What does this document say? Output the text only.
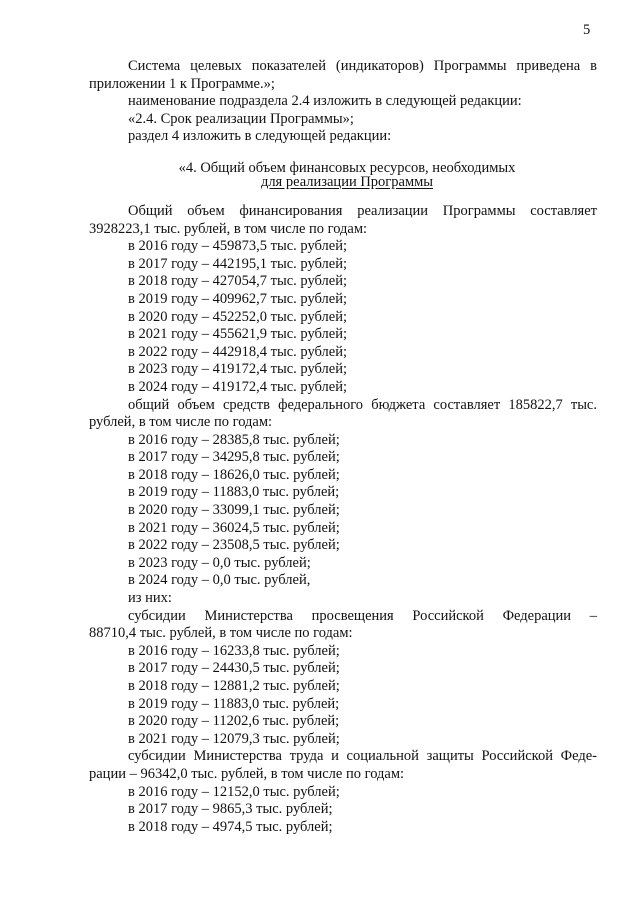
5

Система целевых показателей (индикаторов) Программы приведена в

приложении 1 к Программе.»;

наименование подраздела 2.4 изложить в следующей редакции:

«2.4. Срок реализации Программы»;

раздел 4 изложить в следующей редакции:

«4. Общий объем финансовых ресурсов, необходимых
для реализации Программы

Общий объем финансирования реализации Программы составляет

3928223,1 тыс. рублей, в том числе по годам:

в 2016 году – 459873,5 тыс. рублей;
в 2017 году – 442195,1 тыс. рублей;
в 2018 году – 427054,7 тыс. рублей;
в 2019 году – 409962,7 тыс. рублей;
в 2020 году – 452252,0 тыс. рублей;
в 2021 году – 455621,9 тыс. рублей;
в 2022 году – 442918,4 тыс. рублей;
в 2023 году – 419172,4 тыс. рублей;
в 2024 году – 419172,4 тыс. рублей;

общий объем средств федерального бюджета составляет 185822,7 тыс.

рублей, в том числе по годам:

в 2016 году – 28385,8 тыс. рублей;
в 2017 году – 34295,8 тыс. рублей;
в 2018 году – 18626,0 тыс. рублей;
в 2019 году – 11883,0 тыс. рублей;
в 2020 году – 33099,1 тыс. рублей;
в 2021 году – 36024,5 тыс. рублей;
в 2022 году – 23508,5 тыс. рублей;
в 2023 году – 0,0 тыс. рублей;
в 2024 году – 0,0 тыс. рублей,

из них:

субсидии Министерства просвещения Российской Федерации –

88710,4 тыс. рублей, в том числе по годам:

в 2016 году – 16233,8 тыс. рублей;
в 2017 году – 24430,5 тыс. рублей;
в 2018 году – 12881,2 тыс. рублей;
в 2019 году – 11883,0 тыс. рублей;
в 2020 году – 11202,6 тыс. рублей;
в 2021 году – 12079,3 тыс. рублей;

субсидии Министерства труда и социальной защиты Российской Феде-

рации – 96342,0 тыс. рублей, в том числе по годам:

в 2016 году – 12152,0 тыс. рублей;
в 2017 году – 9865,3 тыс. рублей;
в 2018 году – 4974,5 тыс. рублей;
